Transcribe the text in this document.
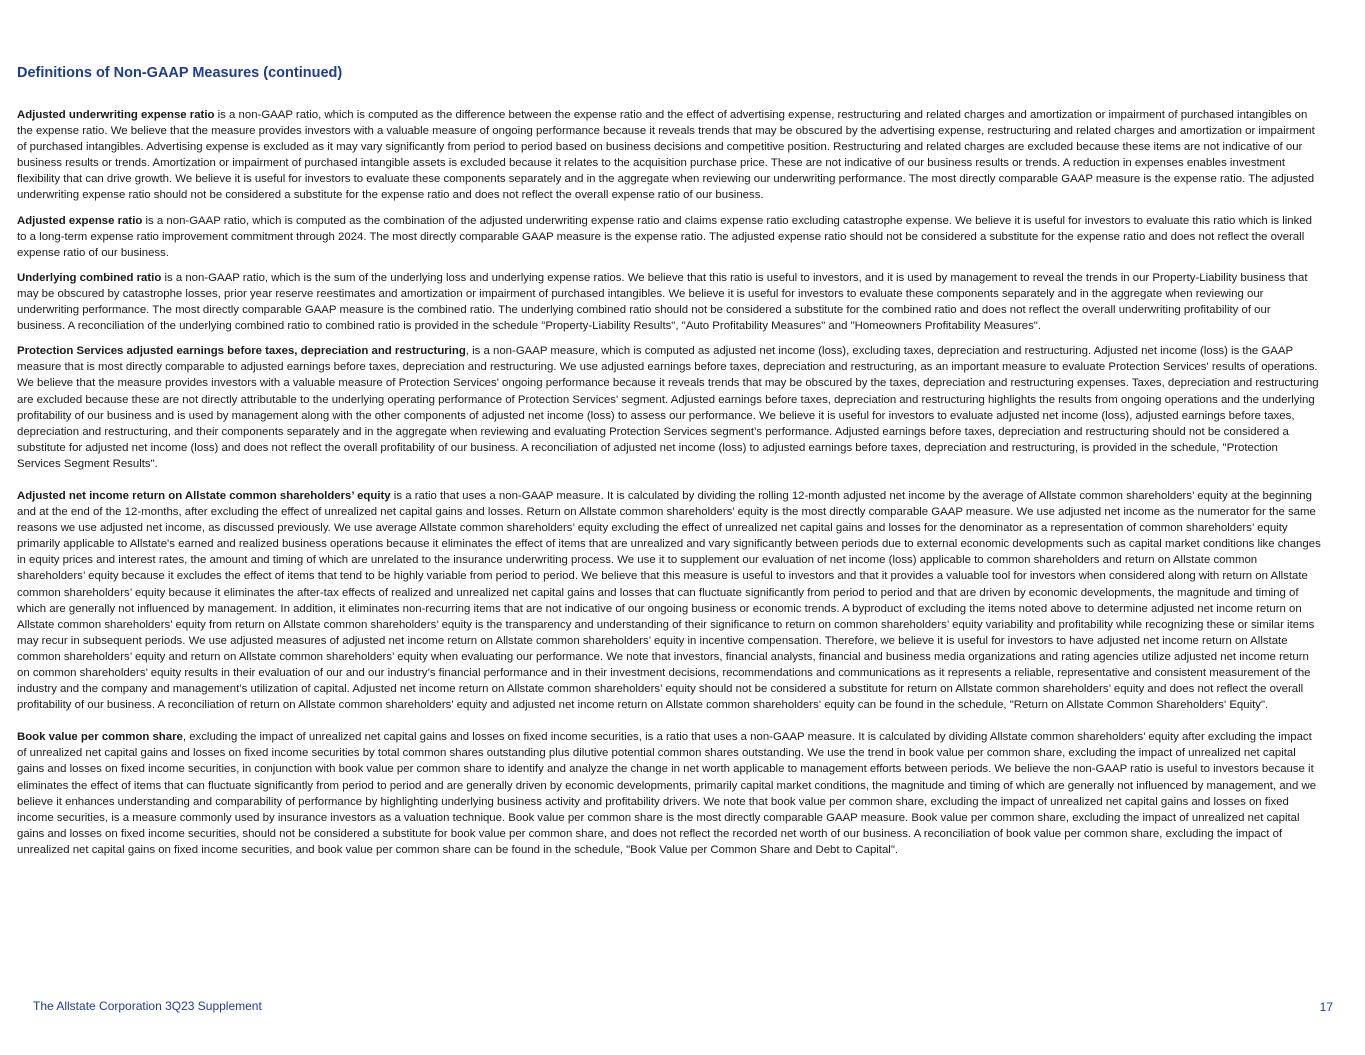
Definitions of Non-GAAP Measures (continued)

Adjusted underwriting expense ratio is a non-GAAP ratio, which is computed as the difference between the expense ratio and the effect of advertising expense, restructuring and related charges and amortization or impairment of purchased intangibles on the expense ratio. We believe that the measure provides investors with a valuable measure of ongoing performance because it reveals trends that may be obscured by the advertising expense, restructuring and related charges and amortization or impairment of purchased intangibles. Advertising expense is excluded as it may vary significantly from period to period based on business decisions and competitive position. Restructuring and related charges are excluded because these items are not indicative of our business results or trends. Amortization or impairment of purchased intangible assets is excluded because it relates to the acquisition purchase price. These are not indicative of our business results or trends. A reduction in expenses enables investment flexibility that can drive growth. We believe it is useful for investors to evaluate these components separately and in the aggregate when reviewing our underwriting performance. The most directly comparable GAAP measure is the expense ratio. The adjusted underwriting expense ratio should not be considered a substitute for the expense ratio and does not reflect the overall expense ratio of our business.

Adjusted expense ratio is a non-GAAP ratio, which is computed as the combination of the adjusted underwriting expense ratio and claims expense ratio excluding catastrophe expense. We believe it is useful for investors to evaluate this ratio which is linked to a long-term expense ratio improvement commitment through 2024. The most directly comparable GAAP measure is the expense ratio. The adjusted expense ratio should not be considered a substitute for the expense ratio and does not reflect the overall expense ratio of our business.

Underlying combined ratio is a non-GAAP ratio, which is the sum of the underlying loss and underlying expense ratios. We believe that this ratio is useful to investors, and it is used by management to reveal the trends in our Property-Liability business that may be obscured by catastrophe losses, prior year reserve reestimates and amortization or impairment of purchased intangibles. We believe it is useful for investors to evaluate these components separately and in the aggregate when reviewing our underwriting performance. The most directly comparable GAAP measure is the combined ratio. The underlying combined ratio should not be considered a substitute for the combined ratio and does not reflect the overall underwriting profitability of our business. A reconciliation of the underlying combined ratio to combined ratio is provided in the schedule "Property-Liability Results", "Auto Profitability Measures" and "Homeowners Profitability Measures".

Protection Services adjusted earnings before taxes, depreciation and restructuring, is a non-GAAP measure, which is computed as adjusted net income (loss), excluding taxes, depreciation and restructuring. Adjusted net income (loss) is the GAAP measure that is most directly comparable to adjusted earnings before taxes, depreciation and restructuring. We use adjusted earnings before taxes, depreciation and restructuring, as an important measure to evaluate Protection Services' results of operations. We believe that the measure provides investors with a valuable measure of Protection Services' ongoing performance because it reveals trends that may be obscured by the taxes, depreciation and restructuring expenses. Taxes, depreciation and restructuring are excluded because these are not directly attributable to the underlying operating performance of Protection Services' segment. Adjusted earnings before taxes, depreciation and restructuring highlights the results from ongoing operations and the underlying profitability of our business and is used by management along with the other components of adjusted net income (loss) to assess our performance. We believe it is useful for investors to evaluate adjusted net income (loss), adjusted earnings before taxes, depreciation and restructuring, and their components separately and in the aggregate when reviewing and evaluating Protection Services segment’s performance. Adjusted earnings before taxes, depreciation and restructuring should not be considered a substitute for adjusted net income (loss) and does not reflect the overall profitability of our business. A reconciliation of adjusted net income (loss) to adjusted earnings before taxes, depreciation and restructuring, is provided in the schedule, "Protection Services Segment Results".

Adjusted net income return on Allstate common shareholders’ equity is a ratio that uses a non-GAAP measure. It is calculated by dividing the rolling 12-month adjusted net income by the average of Allstate common shareholders’ equity at the beginning and at the end of the 12-months, after excluding the effect of unrealized net capital gains and losses. Return on Allstate common shareholders’ equity is the most directly comparable GAAP measure. We use adjusted net income as the numerator for the same reasons we use adjusted net income, as discussed previously. We use average Allstate common shareholders’ equity excluding the effect of unrealized net capital gains and losses for the denominator as a representation of common shareholders’ equity primarily applicable to Allstate's earned and realized business operations because it eliminates the effect of items that are unrealized and vary significantly between periods due to external economic developments such as capital market conditions like changes in equity prices and interest rates, the amount and timing of which are unrelated to the insurance underwriting process. We use it to supplement our evaluation of net income (loss) applicable to common shareholders and return on Allstate common shareholders’ equity because it excludes the effect of items that tend to be highly variable from period to period. We believe that this measure is useful to investors and that it provides a valuable tool for investors when considered along with return on Allstate common shareholders’ equity because it eliminates the after-tax effects of realized and unrealized net capital gains and losses that can fluctuate significantly from period to period and that are driven by economic developments, the magnitude and timing of which are generally not influenced by management. In addition, it eliminates non-recurring items that are not indicative of our ongoing business or economic trends. A byproduct of excluding the items noted above to determine adjusted net income return on Allstate common shareholders’ equity from return on Allstate common shareholders’ equity is the transparency and understanding of their significance to return on common shareholders’ equity variability and profitability while recognizing these or similar items may recur in subsequent periods. We use adjusted measures of adjusted net income return on Allstate common shareholders’ equity in incentive compensation. Therefore, we believe it is useful for investors to have adjusted net income return on Allstate common shareholders’ equity and return on Allstate common shareholders’ equity when evaluating our performance. We note that investors, financial analysts, financial and business media organizations and rating agencies utilize adjusted net income return on common shareholders’ equity results in their evaluation of our and our industry’s financial performance and in their investment decisions, recommendations and communications as it represents a reliable, representative and consistent measurement of the industry and the company and management’s utilization of capital. Adjusted net income return on Allstate common shareholders’ equity should not be considered a substitute for return on Allstate common shareholders’ equity and does not reflect the overall profitability of our business. A reconciliation of return on Allstate common shareholders' equity and adjusted net income return on Allstate common shareholders' equity can be found in the schedule, "Return on Allstate Common Shareholders' Equity".

Book value per common share, excluding the impact of unrealized net capital gains and losses on fixed income securities, is a ratio that uses a non-GAAP measure. It is calculated by dividing Allstate common shareholders’ equity after excluding the impact of unrealized net capital gains and losses on fixed income securities by total common shares outstanding plus dilutive potential common shares outstanding. We use the trend in book value per common share, excluding the impact of unrealized net capital gains and losses on fixed income securities, in conjunction with book value per common share to identify and analyze the change in net worth applicable to management efforts between periods. We believe the non-GAAP ratio is useful to investors because it eliminates the effect of items that can fluctuate significantly from period to period and are generally driven by economic developments, primarily capital market conditions, the magnitude and timing of which are generally not influenced by management, and we believe it enhances understanding and comparability of performance by highlighting underlying business activity and profitability drivers. We note that book value per common share, excluding the impact of unrealized net capital gains and losses on fixed income securities, is a measure commonly used by insurance investors as a valuation technique. Book value per common share is the most directly comparable GAAP measure. Book value per common share, excluding the impact of unrealized net capital gains and losses on fixed income securities, should not be considered a substitute for book value per common share, and does not reflect the recorded net worth of our business. A reconciliation of book value per common share, excluding the impact of unrealized net capital gains on fixed income securities, and book value per common share can be found in the schedule, "Book Value per Common Share and Debt to Capital".

The Allstate Corporation 3Q23 Supplement	17
